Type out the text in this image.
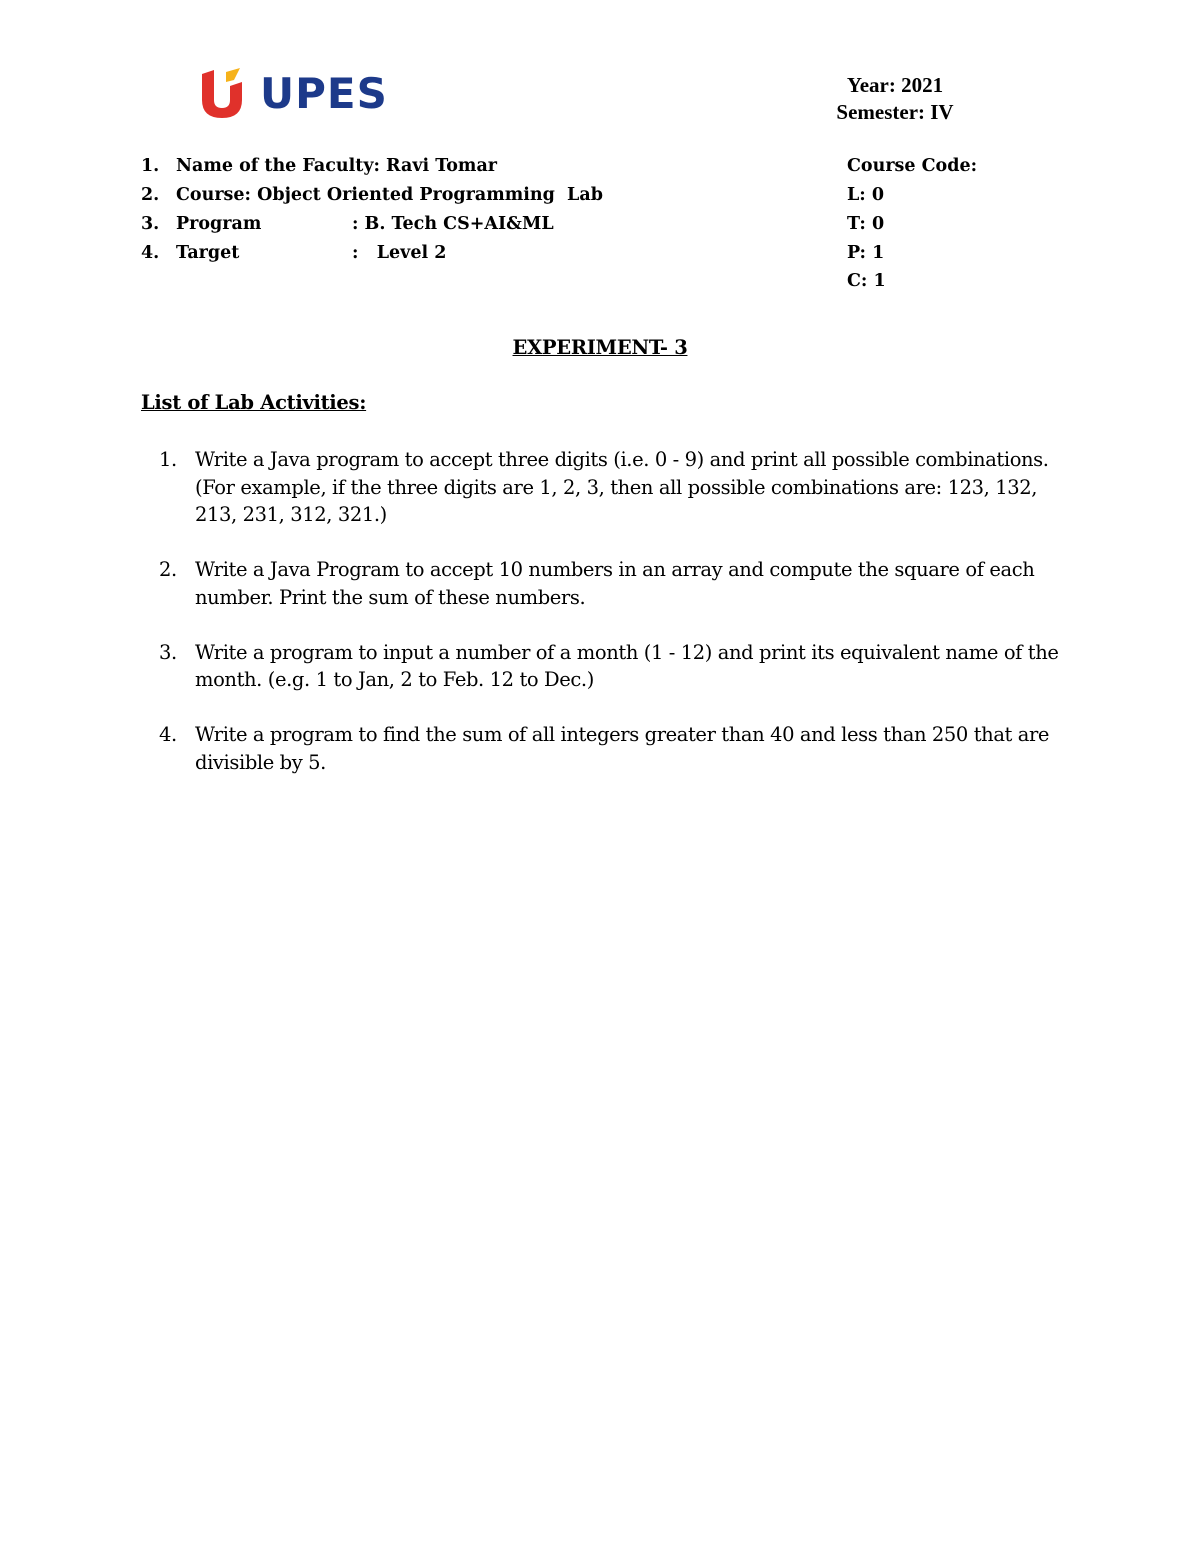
UPES	Year: 2021
Semester: IV
1. Name of the Faculty: Ravi Tomar
2. Course: Object Oriented Programming  Lab
3. Program	: B. Tech CS+AI&ML
4. Target	:   Level 2
Course Code:
L: 0
T: 0
P: 1
C: 1
EXPERIMENT- 3
List of Lab Activities:
1. Write a Java program to accept three digits (i.e. 0 - 9) and print all possible combinations. (For example, if the three digits are 1, 2, 3, then all possible combinations are: 123, 132, 213, 231, 312, 321.)
2. Write a Java Program to accept 10 numbers in an array and compute the square of each number. Print the sum of these numbers.
3. Write a program to input a number of a month (1 - 12) and print its equivalent name of the month. (e.g. 1 to Jan, 2 to Feb. 12 to Dec.)
4. Write a program to find the sum of all integers greater than 40 and less than 250 that are divisible by 5.
